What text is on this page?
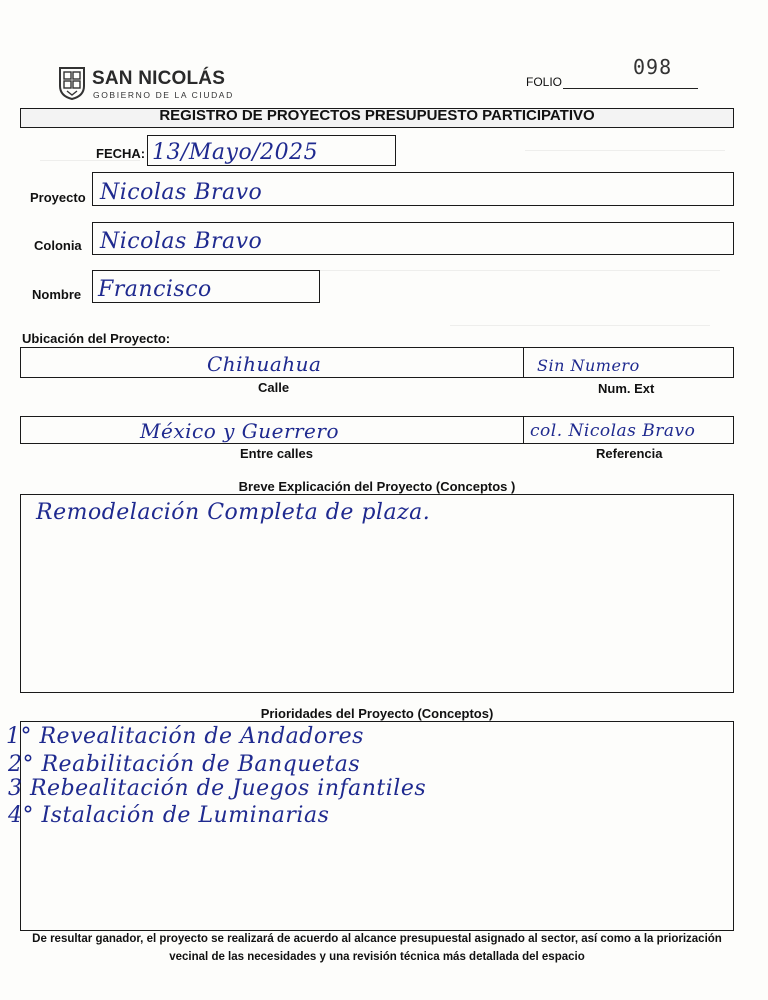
SAN NICOLÁS
GOBIERNO DE LA CIUDAD
FOLIO
098
REGISTRO DE PROYECTOS PRESUPUESTO PARTICIPATIVO
FECHA: 13/Mayo/2025
Proyecto Nicolas Bravo
Colonia Nicolas Bravo
Nombre Francisco
Ubicación del Proyecto:
Chihuahua	Sin Numero
Calle	Num. Ext
México y Guerrero	col. Nicolas Bravo
Entre calles	Referencia
Breve Explicación del Proyecto (Conceptos )
Remodelación Completa de plaza.
Prioridades del Proyecto (Conceptos)
1° Revealitación de Andadores
2° Reabilitación de Banquetas
3 Rebealitación de Juegos infantiles
4° Istalación de Luminarias
De resultar ganador, el proyecto se realizará de acuerdo al alcance presupuestal asignado al sector, así como a la priorización
vecinal de las necesidades y una revisión técnica más detallada del espacio
